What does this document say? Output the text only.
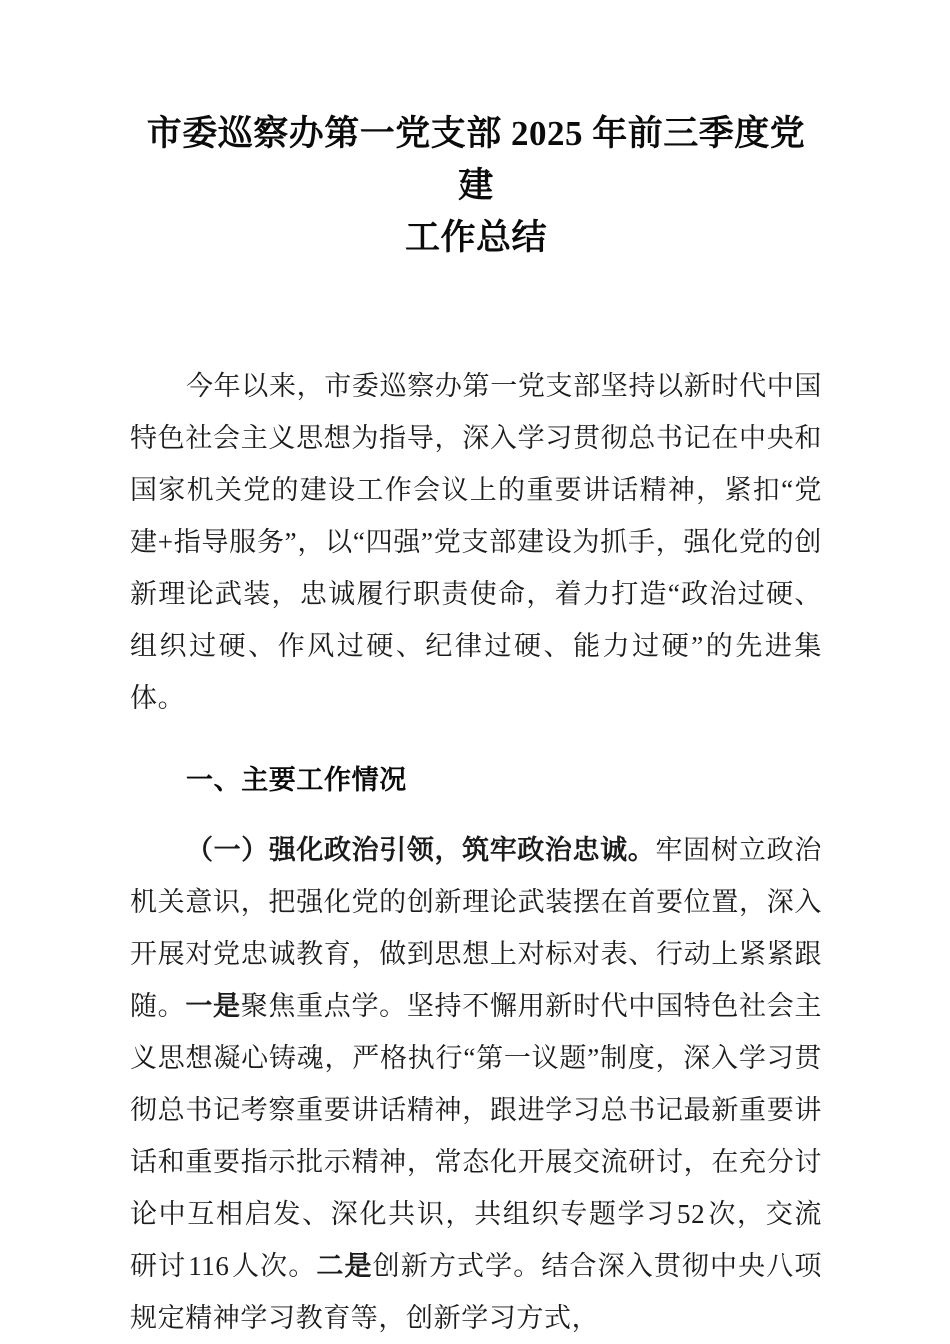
市委巡察办第一党支部 2025 年前三季度党建
工作总结

今年以来，市委巡察办第一党支部坚持以新时代中国特色社会主义思想为指导，深入学习贯彻总书记在中央和国家机关党的建设工作会议上的重要讲话精神，紧扣“党建+指导服务”，以“四强”党支部建设为抓手，强化党的创新理论武装，忠诚履行职责使命，着力打造“政治过硬、组织过硬、作风过硬、纪律过硬、能力过硬”的先进集体。

一、主要工作情况

（一）强化政治引领，筑牢政治忠诚。牢固树立政治机关意识，把强化党的创新理论武装摆在首要位置，深入开展对党忠诚教育，做到思想上对标对表、行动上紧紧跟随。一是聚焦重点学。坚持不懈用新时代中国特色社会主义思想凝心铸魂，严格执行“第一议题”制度，深入学习贯彻总书记考察重要讲话精神，跟进学习总书记最新重要讲话和重要指示批示精神，常态化开展交流研讨，在充分讨论中互相启发、深化共识，共组织专题学习52次，交流研讨116人次。二是创新方式学。结合深入贯彻中央八项规定精神学习教育等，创新学习方式，
